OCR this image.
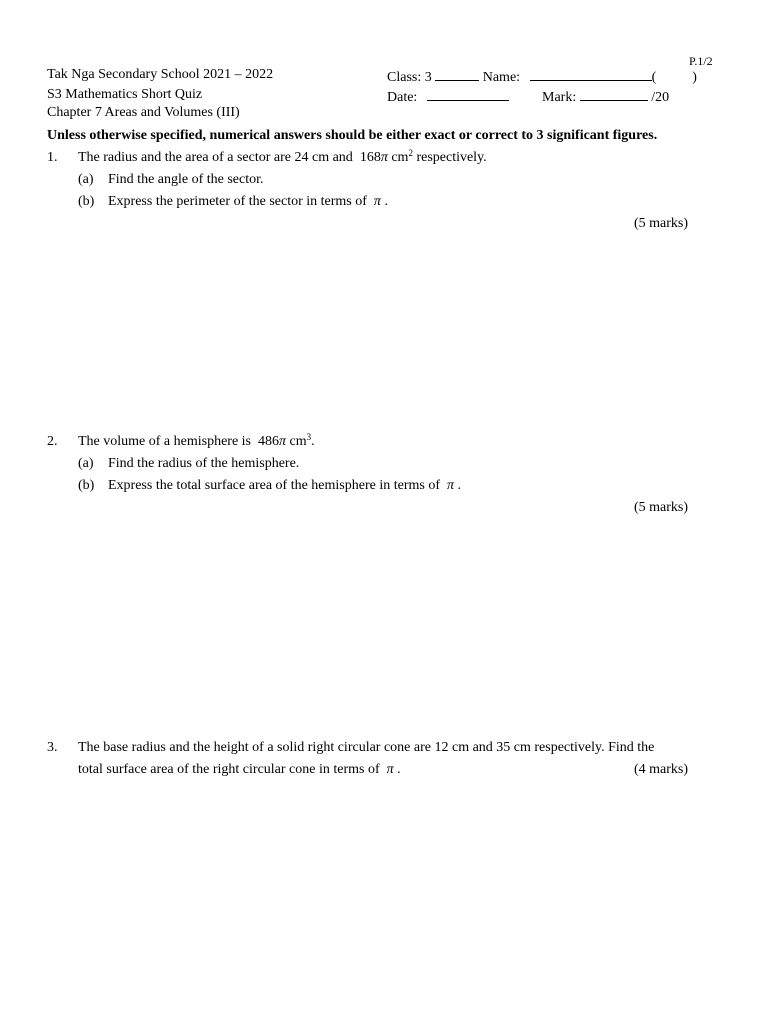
P.1/2
Tak Nga Secondary School 2021 – 2022
S3 Mathematics Short Quiz
Chapter 7 Areas and Volumes (III)
Class: 3	Name:	(	)
Date:	Mark:	/20
Unless otherwise specified, numerical answers should be either exact or correct to 3 significant figures.
1. The radius and the area of a sector are 24 cm and 168π $cm^2$ respectively.
(a) Find the angle of the sector.
(b) Express the perimeter of the sector in terms of π .
(5 marks)
2. The volume of a hemisphere is 486π $cm^3$.
(a) Find the radius of the hemisphere.
(b) Express the total surface area of the hemisphere in terms of π .
(5 marks)
3. The base radius and the height of a solid right circular cone are 12 cm and 35 cm respectively. Find the
total surface area of the right circular cone in terms of π .	(4 marks)
